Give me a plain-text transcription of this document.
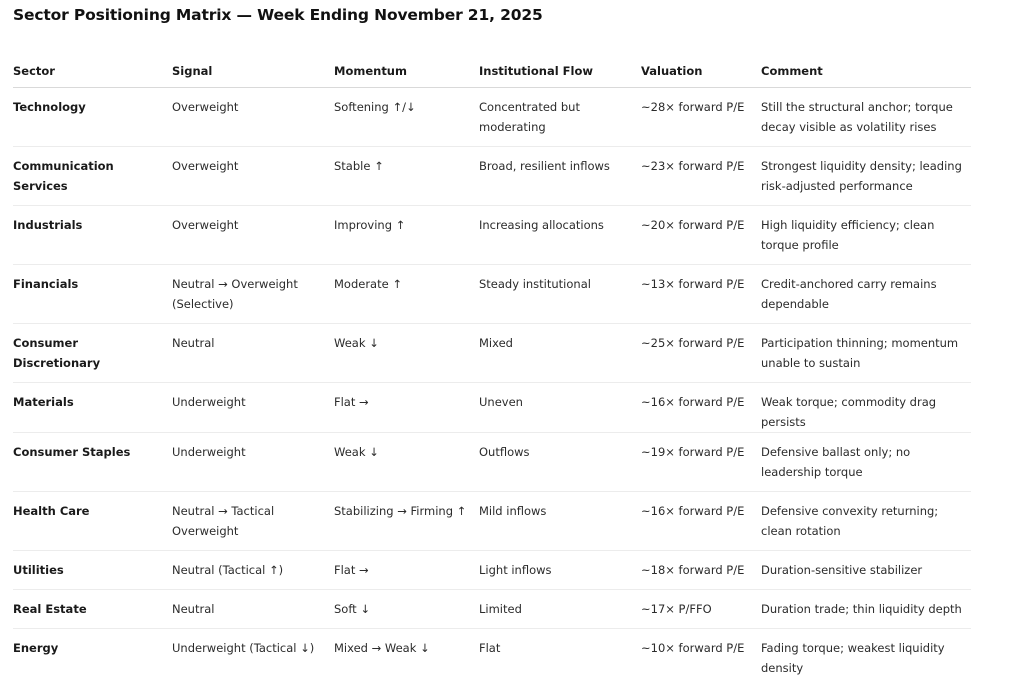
Sector Positioning Matrix — Week Ending November 21, 2025
Sector	Signal	Momentum	Institutional Flow	Valuation	Comment

Technology	Overweight	Softening ↑/↓	Concentrated but moderating	~28× forward P/E	Still the structural anchor; torque decay visible as volatility rises

Communication Services	Overweight	Stable ↑	Broad, resilient inflows	~23× forward P/E	Strongest liquidity density; leading risk-adjusted performance

Industrials	Overweight	Improving ↑	Increasing allocations	~20× forward P/E	High liquidity efficiency; clean torque profile

Financials	Neutral → Overweight (Selective)	Moderate ↑	Steady institutional	~13× forward P/E	Credit-anchored carry remains dependable

Consumer Discretionary	Neutral	Weak ↓	Mixed	~25× forward P/E	Participation thinning; momentum unable to sustain

Materials	Underweight	Flat →	Uneven	~16× forward P/E	Weak torque; commodity drag persists

Consumer Staples	Underweight	Weak ↓	Outflows	~19× forward P/E	Defensive ballast only; no leadership torque

Health Care	Neutral → Tactical Overweight	Stabilizing → Firming ↑	Mild inflows	~16× forward P/E	Defensive convexity returning; clean rotation

Utilities	Neutral (Tactical ↑)	Flat →	Light inflows	~18× forward P/E	Duration-sensitive stabilizer

Real Estate	Neutral	Soft ↓	Limited	~17× P/FFO	Duration trade; thin liquidity depth

Energy	Underweight (Tactical ↓)	Mixed → Weak ↓	Flat	~10× forward P/E	Fading torque; weakest liquidity density
